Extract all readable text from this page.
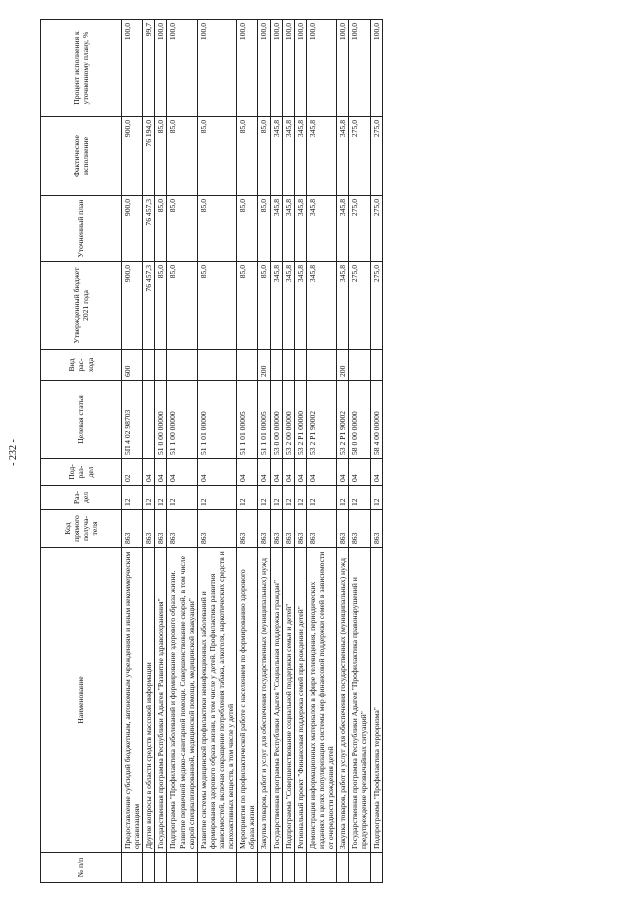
- 232 -
№ п/п	Наименование	Код прямого получа-теля	Раз-дел	Под-раз-дел	Целевая статья	Вид рас-хода	Утвержденный бюджет 2021 года	Уточненный план	Фактическое исполнение	Процент исполнения к уточненному плану, %
	Предоставление субсидий бюджетным, автономным учреждениям и иным некоммерческим организациям	863	12	02	5П 4 02 98703	600	900,0	900,0	900,0	100,0
	Другие вопросы в области средств массовой информации	863	12	04			76 457,3	76 457,3	76 194,0	99,7
	Государственная программа Республики Адыгея "Развитие здравоохранения"	863	12	04	51 0 00 00000		85,0	85,0	85,0	100,0
	Подпрограмма "Профилактика заболеваний и формирование здорового образа жизни. Развитие первичной медико-санитарной помощи. Совершенствование скорой, в том числе скорой специализированной, медицинской помощи, медицинской эвакуации"	863	12	04	51 1 00 00000		85,0	85,0	85,0	100,0
	Развитие системы медицинской профилактики неинфекционных заболеваний и формирования здорового образа жизни, в том числе у детей. Профилактика развития зависимостей, включая сокращение потребления табака, алкоголя, наркотических средств и психоактивных веществ, в том числе у детей	863	12	04	51 1 01 00000		85,0	85,0	85,0	100,0
	Мероприятия по профилактической работе с населением по формированию здорового образа жизни	863	12	04	51 1 01 00005		85,0	85,0	85,0	100,0
	Закупка товаров, работ и услуг для обеспечения государственных (муниципальных) нужд	863	12	04	51 1 01 00005	200	85,0	85,0	85,0	100,0
	Государственная программа Республики Адыгея "Социальная поддержка граждан"	863	12	04	53 0 00 00000		345,8	345,8	345,8	100,0
	Подпрограмма "Совершенствование социальной поддержки семьи и детей"	863	12	04	53 2 00 00000		345,8	345,8	345,8	100,0
	Региональный проект "Финансовая поддержка семей при рождении детей"	863	12	04	53 2 P1 00000		345,8	345,8	345,8	100,0
	Демонстрация информационных материалов в эфире телевидения, периодических изданиях в целях популяризации системы мер финансовой поддержки семей в зависимости от очередности рождения детей	863	12	04	53 2 P1 90002		345,8	345,8	345,8	100,0
	Закупка товаров, работ и услуг для обеспечения государственных (муниципальных) нужд	863	12	04	53 2 P1 90002	200	345,8	345,8	345,8	100,0
	Государственная программа Республики Адыгея "Профилактика правонарушений и предупреждение чрезвычайных ситуаций"	863	12	04	58 0 00 00000		275,0	275,0	275,0	100,0
	Подпрограмма "Профилактика терроризма"	863	12	04	58 4 00 00000		275,0	275,0	275,0	100,0
